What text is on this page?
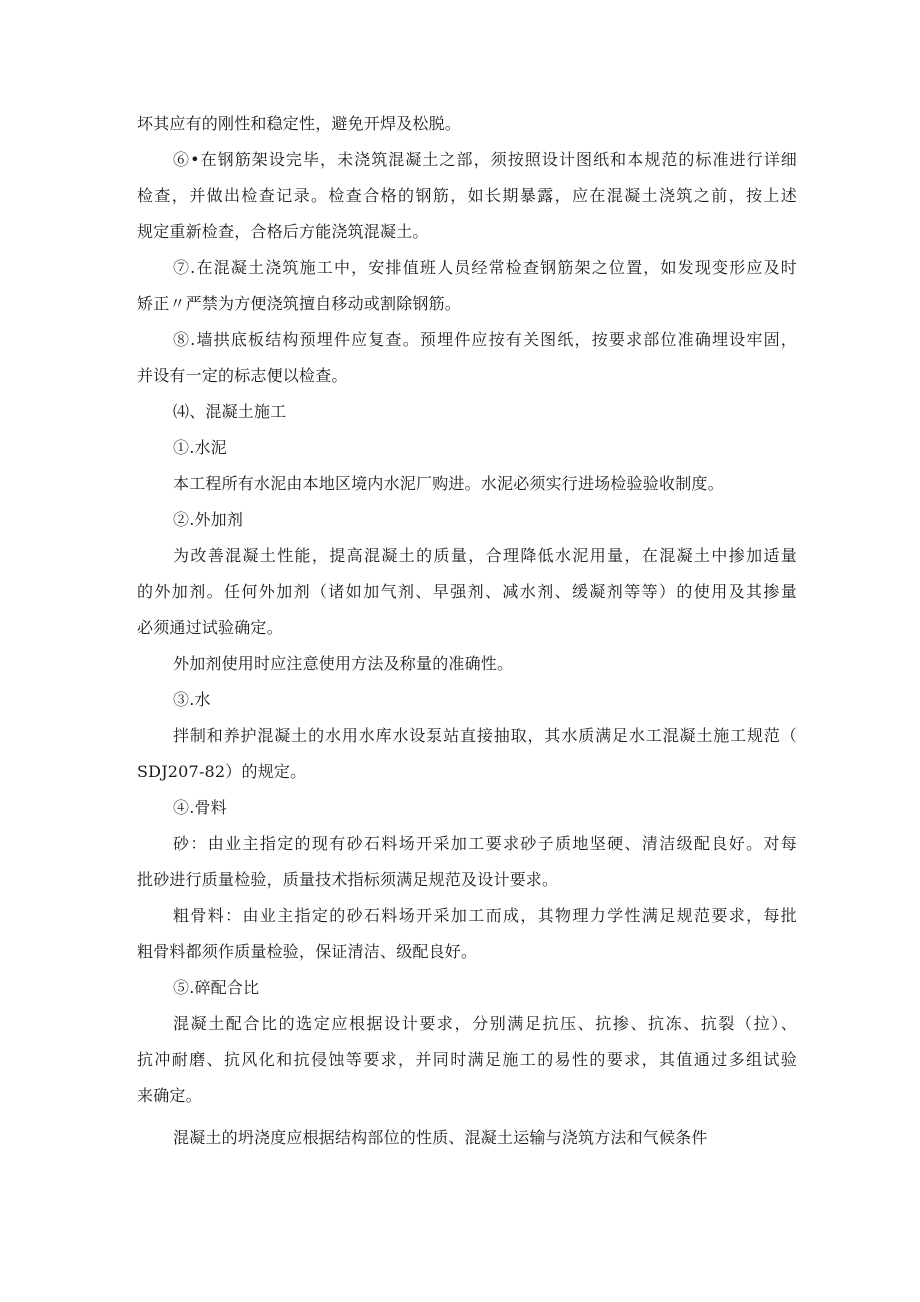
坏其应有的刚性和稳定性，避免开焊及松脱。
⑥•在钢筋架设完毕，未浇筑混凝土之部，须按照设计图纸和本规范的标准进行详细
检查，并做出检查记录。检查合格的钢筋，如长期暴露，应在混凝土浇筑之前，按上述
规定重新检查，合格后方能浇筑混凝土。
⑦.在混凝土浇筑施工中，安排值班人员经常检查钢筋架之位置，如发现变形应及时
矫正〃严禁为方便浇筑擅自移动或割除钢筋。
⑧.墙拱底板结构预埋件应复查。预埋件应按有关图纸，按要求部位准确埋设牢固，
并设有一定的标志便以检查。
⑷、混凝土施工
①.水泥
本工程所有水泥由本地区境内水泥厂购进。水泥必须实行进场检验验收制度。
②.外加剂
为改善混凝土性能，提高混凝土的质量，合理降低水泥用量，在混凝土中掺加适量
的外加剂。任何外加剂（诸如加气剂、早强剂、减水剂、缓凝剂等等）的使用及其掺量
必须通过试验确定。
外加剂使用时应注意使用方法及称量的准确性。
③.水
拌制和养护混凝土的水用水库水设泵站直接抽取，其水质满足水工混凝土施工规范（
SDJ207-82）的规定。
④.骨料
砂：由业主指定的现有砂石料场开采加工要求砂子质地坚硬、清洁级配良好。对每
批砂进行质量检验，质量技术指标须满足规范及设计要求。
粗骨料：由业主指定的砂石料场开采加工而成，其物理力学性满足规范要求，每批
粗骨料都须作质量检验，保证清洁、级配良好。
⑤.碎配合比
混凝土配合比的选定应根据设计要求，分别满足抗压、抗掺、抗冻、抗裂（拉）、
抗冲耐磨、抗风化和抗侵蚀等要求，并同时满足施工的易性的要求，其值通过多组试验
来确定。
混凝土的坍浇度应根据结构部位的性质、混凝土运输与浇筑方法和气候条件
